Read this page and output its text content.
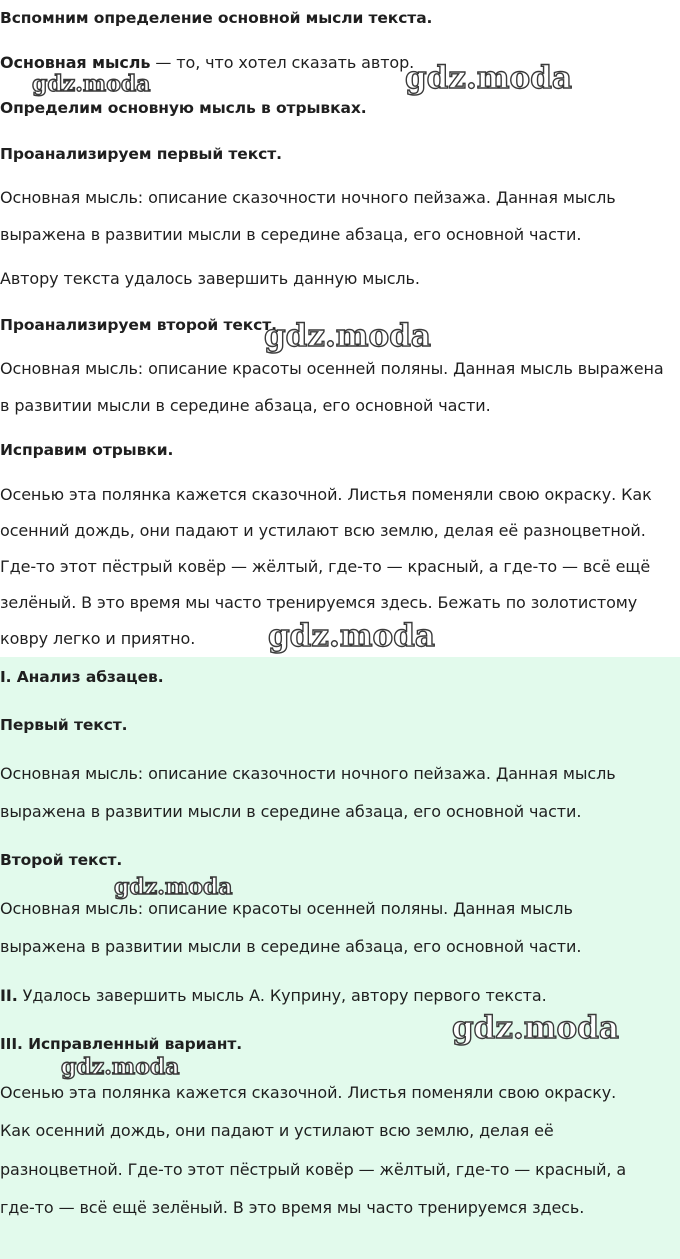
Вспомним определение основной мысли текста.
Основная мысль — то, что хотел сказать автор.
Определим основную мысль в отрывках.
Проанализируем первый текст.
Основная мысль: описание сказочности ночного пейзажа. Данная мысль
выражена в развитии мысли в середине абзаца, его основной части.
Автору текста удалось завершить данную мысль.
Проанализируем второй текст.
Основная мысль: описание красоты осенней поляны. Данная мысль выражена
в развитии мысли в середине абзаца, его основной части.
Исправим отрывки.
Осенью эта полянка кажется сказочной. Листья поменяли свою окраску. Как
осенний дождь, они падают и устилают всю землю, делая её разноцветной.
Где-то этот пёстрый ковёр — жёлтый, где-то — красный, а где-то — всё ещё
зелёный. В это время мы часто тренируемся здесь. Бежать по золотистому
ковру легко и приятно.
I. Анализ абзацев.
Первый текст.
Основная мысль: описание сказочности ночного пейзажа. Данная мысль
выражена в развитии мысли в середине абзаца, его основной части.
Второй текст.
Основная мысль: описание красоты осенней поляны. Данная мысль
выражена в развитии мысли в середине абзаца, его основной части.
II. Удалось завершить мысль А. Куприну, автору первого текста.
III. Исправленный вариант.
Осенью эта полянка кажется сказочной. Листья поменяли свою окраску.
Как осенний дождь, они падают и устилают всю землю, делая её
разноцветной. Где-то этот пёстрый ковёр — жёлтый, где-то — красный, а
где-то — всё ещё зелёный. В это время мы часто тренируемся здесь.
gdz.moda	gdz.moda
gdz.moda
gdz.moda
gdz.moda
gdz.moda
gdz.moda
